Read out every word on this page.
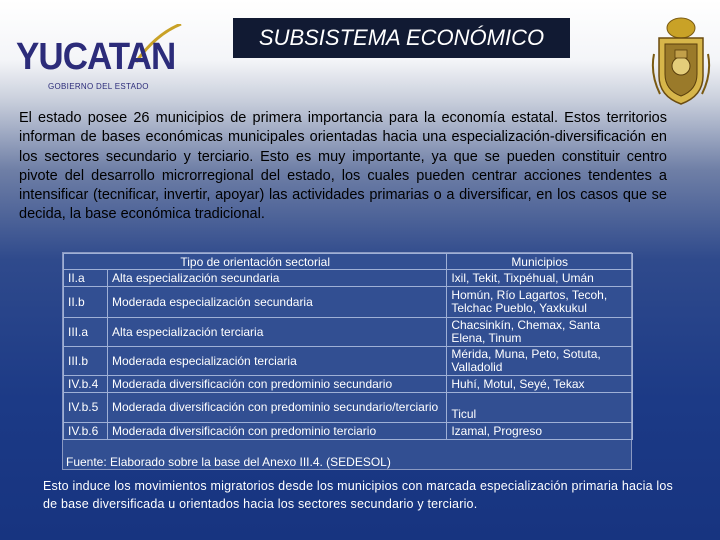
YUCATAN
GOBIERNO DEL ESTADO
SUBSISTEMA ECONÓMICO

El estado posee 26 municipios de primera importancia para la economía estatal. Estos territorios informan de bases económicas municipales orientadas hacia una especialización-diversificación en los sectores secundario y terciario. Esto es muy importante, ya que se pueden constituir centro pivote del desarrollo microrregional del estado, los cuales pueden centrar acciones tendentes a intensificar (tecnificar, invertir, apoyar) las actividades primarias o a diversificar, en los casos que se decida, la base económica tradicional.

Tipo de orientación sectorial		Municipios
II.a	Alta especialización secundaria	Ixil, Tekit, Tixpéhual, Umán
II.b	Moderada especialización secundaria	Homún, Río Lagartos, Tecoh, Telchac Pueblo, Yaxkukul
III.a	Alta especialización terciaria	Chacsinkín, Chemax, Santa Elena, Tinum
III.b	Moderada especialización terciaria	Mérida, Muna, Peto, Sotuta, Valladolid
IV.b.4	Moderada diversificación con predominio secundario	Huhí, Motul, Seyé, Tekax
IV.b.5	Moderada diversificación con predominio secundario/terciario	Ticul
IV.b.6	Moderada diversificación con predominio terciario	Izamal, Progreso
Fuente: Elaborado sobre la base del Anexo III.4. (SEDESOL)

Esto induce los movimientos migratorios desde los municipios con marcada especialización primaria hacia los de base diversificada u orientados hacia los sectores secundario y terciario.
